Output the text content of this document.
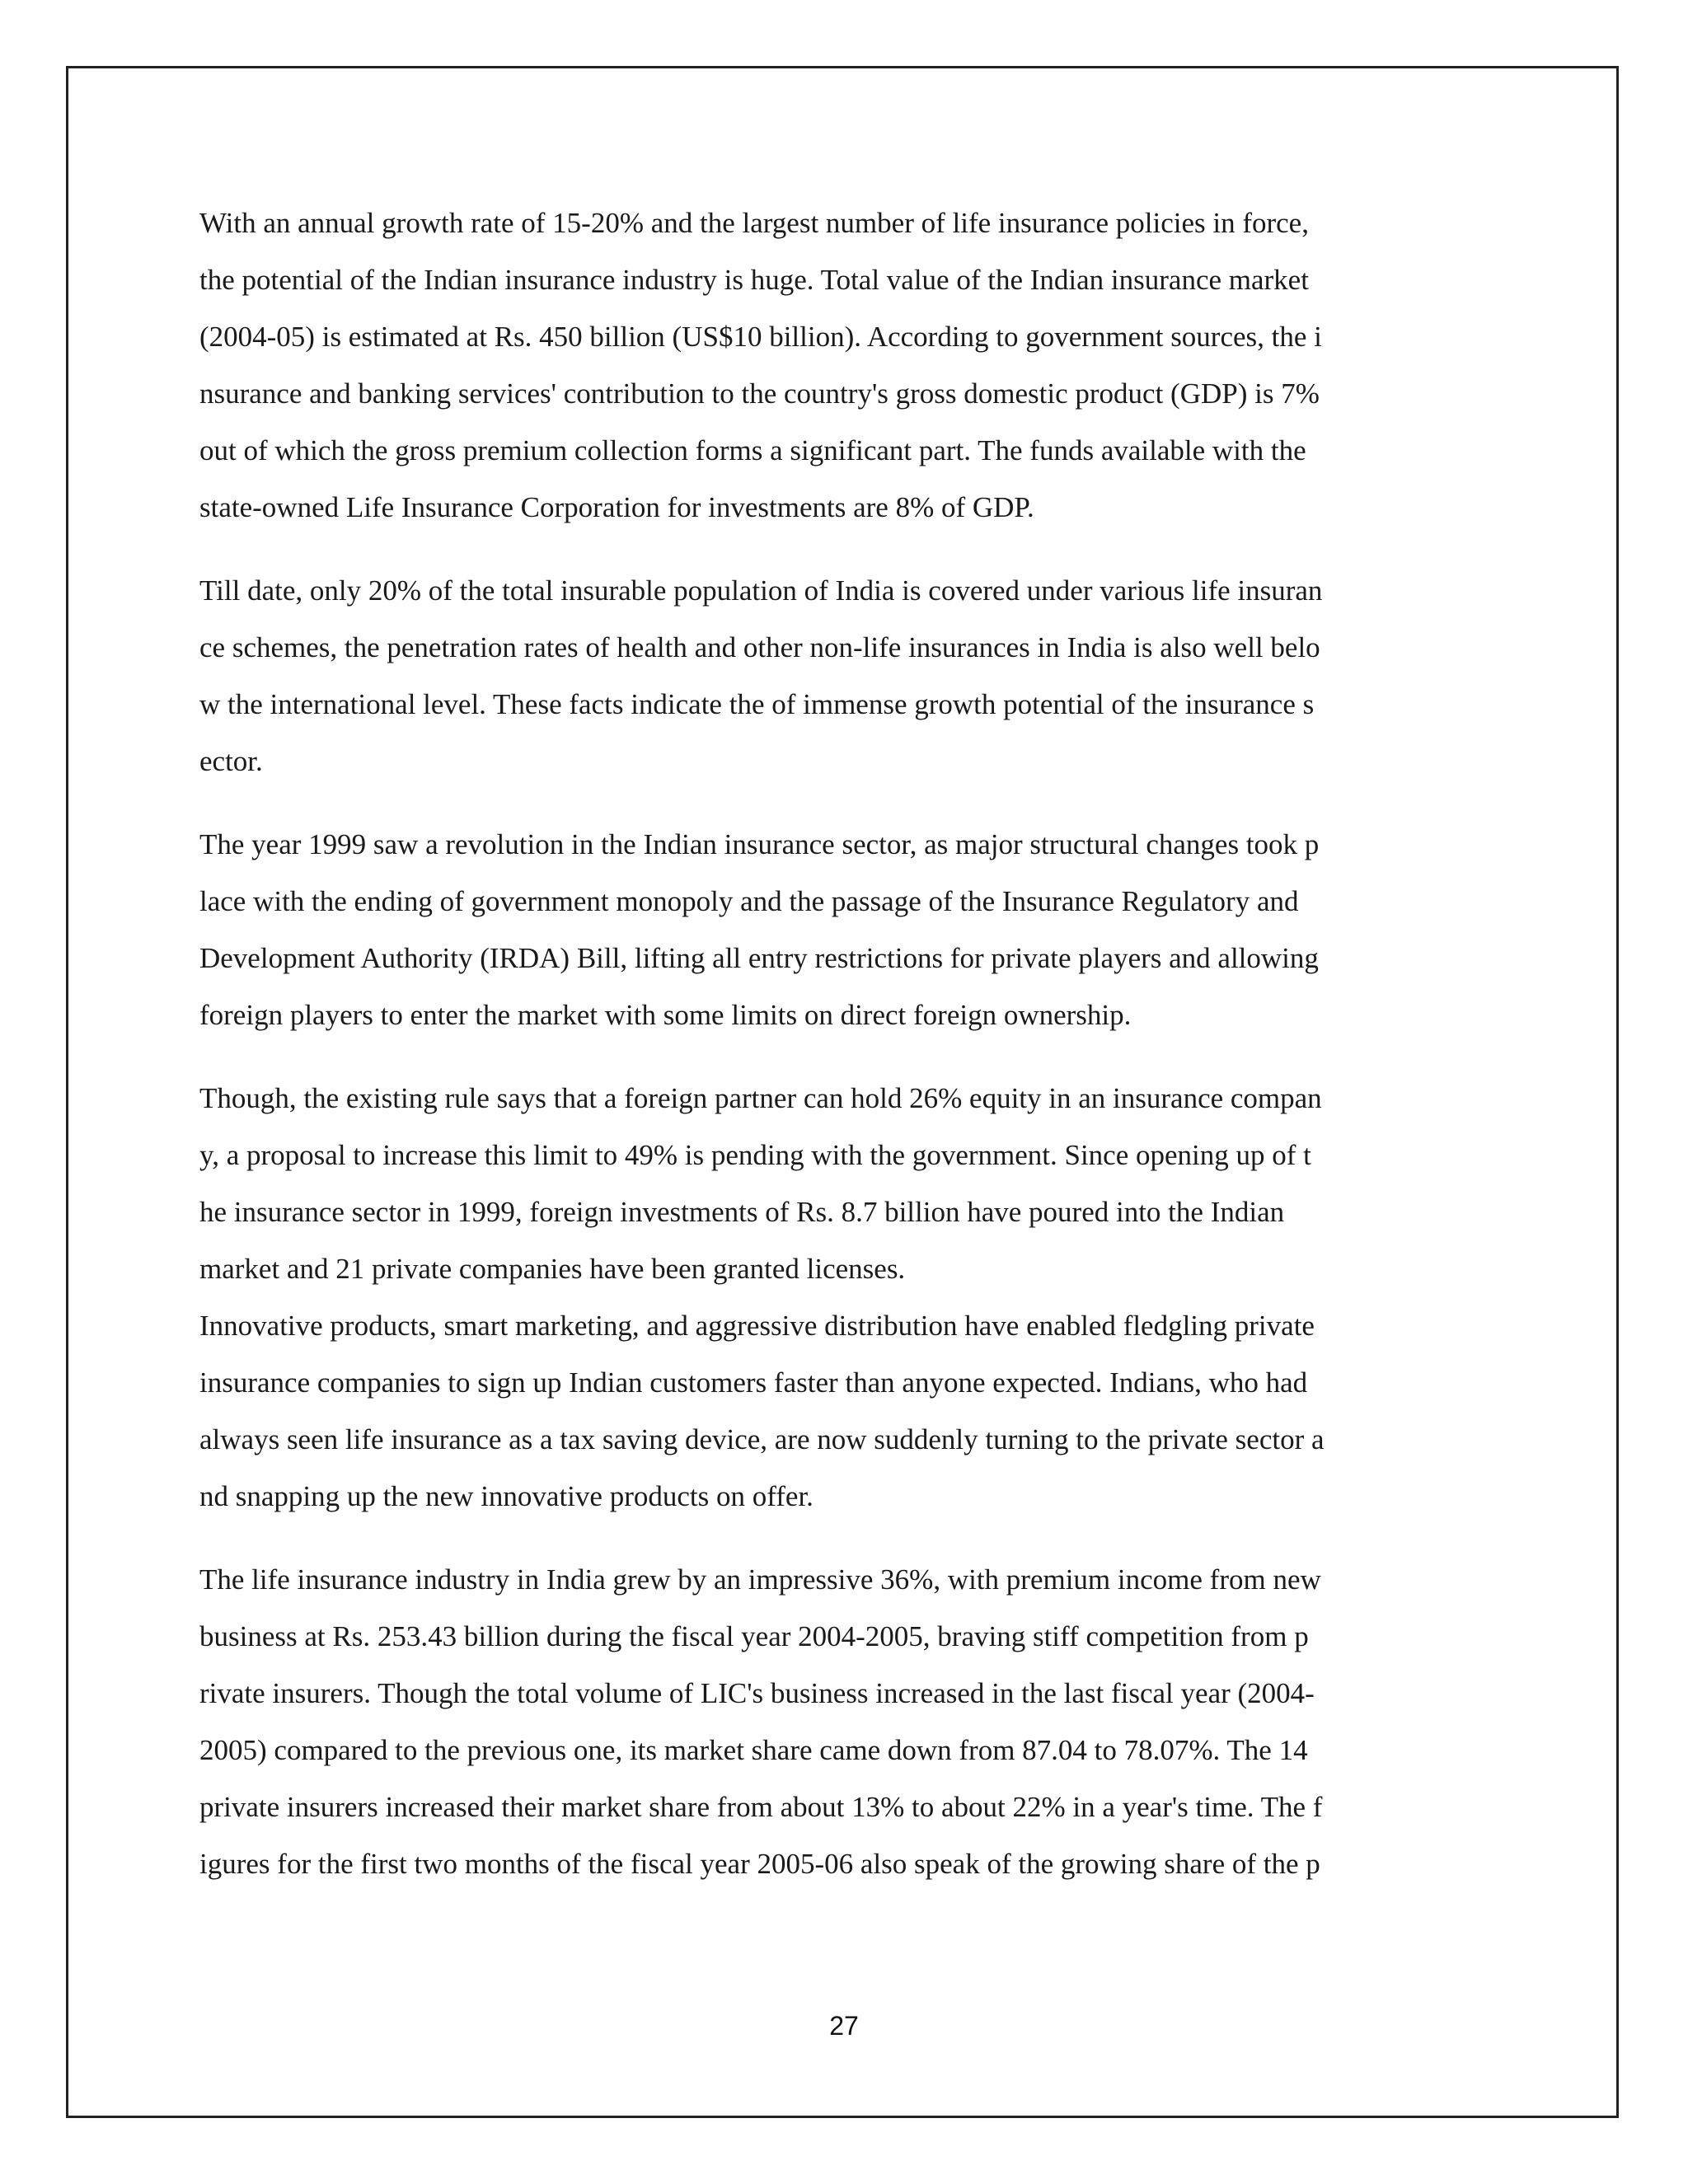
With an annual growth rate of 15-20% and the largest number of life insurance policies in force,
the potential of the Indian insurance industry is huge. Total value of the Indian insurance market
(2004-05) is estimated at Rs. 450 billion (US$10 billion). According to government sources, the i
nsurance and banking services' contribution to the country's gross domestic product (GDP) is 7%
out of which the gross premium collection forms a significant part. The funds available with the
state-owned Life Insurance Corporation for investments are 8% of GDP.
Till date, only 20% of the total insurable population of India is covered under various life insuran
ce schemes, the penetration rates of health and other non-life insurances in India is also well belo
w the international level. These facts indicate the of immense growth potential of the insurance s
ector.
The year 1999 saw a revolution in the Indian insurance sector, as major structural changes took p
lace with the ending of government monopoly and the passage of the Insurance Regulatory and
Development Authority (IRDA) Bill, lifting all entry restrictions for private players and allowing
foreign players to enter the market with some limits on direct foreign ownership.
Though, the existing rule says that a foreign partner can hold 26% equity in an insurance compan
y, a proposal to increase this limit to 49% is pending with the government. Since opening up of t
he insurance sector in 1999, foreign investments of Rs. 8.7 billion have poured into the Indian
market and 21 private companies have been granted licenses.
Innovative products, smart marketing, and aggressive distribution have enabled fledgling private
insurance companies to sign up Indian customers faster than anyone expected. Indians, who had
always seen life insurance as a tax saving device, are now suddenly turning to the private sector a
nd snapping up the new innovative products on offer.
The life insurance industry in India grew by an impressive 36%, with premium income from new
business at Rs. 253.43 billion during the fiscal year 2004-2005, braving stiff competition from p
rivate insurers. Though the total volume of LIC's business increased in the last fiscal year (2004-
2005) compared to the previous one, its market share came down from 87.04 to 78.07%. The 14
private insurers increased their market share from about 13% to about 22% in a year's time. The f
igures for the first two months of the fiscal year 2005-06 also speak of the growing share of the p
27
